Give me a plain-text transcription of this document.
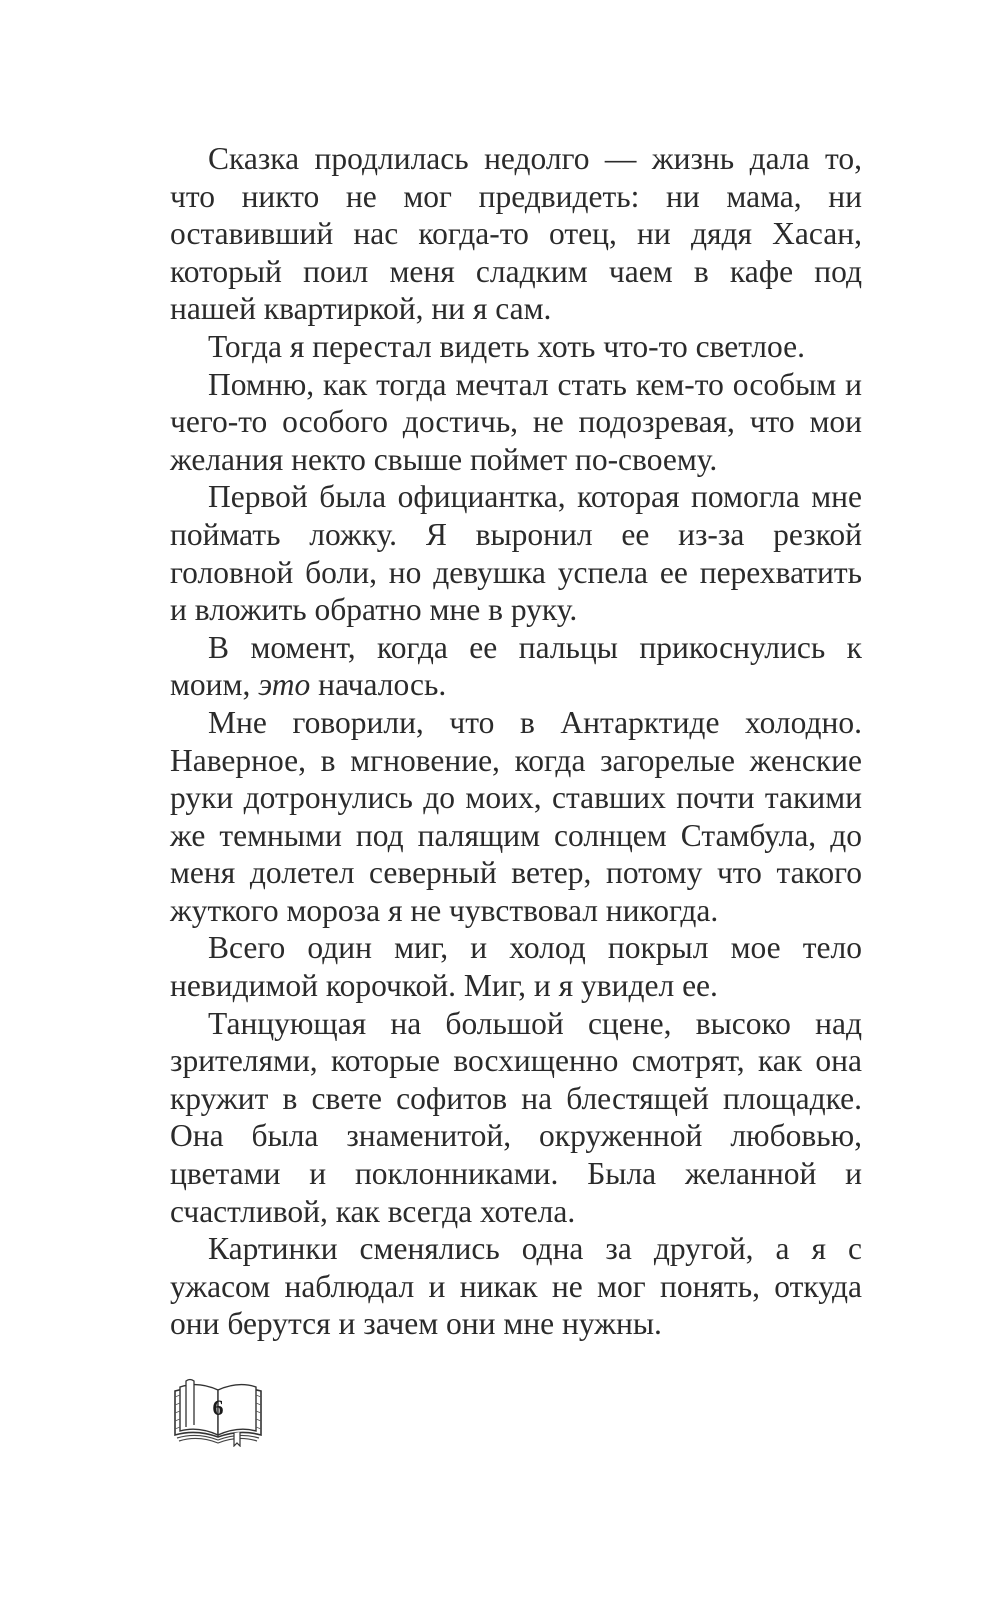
Сказка продлилась недолго — жизнь дала то, что никто не мог предвидеть: ни мама, ни оставивший нас когда-то отец, ни дядя Хасан, который поил меня сладким чаем в кафе под нашей квартиркой, ни я сам.

Тогда я перестал видеть хоть что-то светлое.

Помню, как тогда мечтал стать кем-то особым и чего-то особого достичь, не подозревая, что мои желания некто свыше поймет по-своему.

Первой была официантка, которая помогла мне поймать ложку. Я выронил ее из-за резкой головной боли, но девушка успела ее перехватить и вложить обратно мне в руку.

В момент, когда ее пальцы прикоснулись к моим, это началось.

Мне говорили, что в Антарктиде холодно. Наверное, в мгновение, когда загорелые женские руки дотронулись до моих, ставших почти такими же темными под палящим солнцем Стамбула, до меня долетел северный ветер, потому что такого жуткого мороза я не чувствовал никогда.

Всего один миг, и холод покрыл мое тело невидимой корочкой. Миг, и я увидел ее.

Танцующая на большой сцене, высоко над зрителями, которые восхищенно смотрят, как она кружит в свете софитов на блестящей площадке. Она была знаменитой, окруженной любовью, цветами и поклонниками. Была желанной и счастливой, как всегда хотела.

Картинки сменялись одна за другой, а я с ужасом наблюдал и никак не мог понять, откуда они берутся и зачем они мне нужны.

6
